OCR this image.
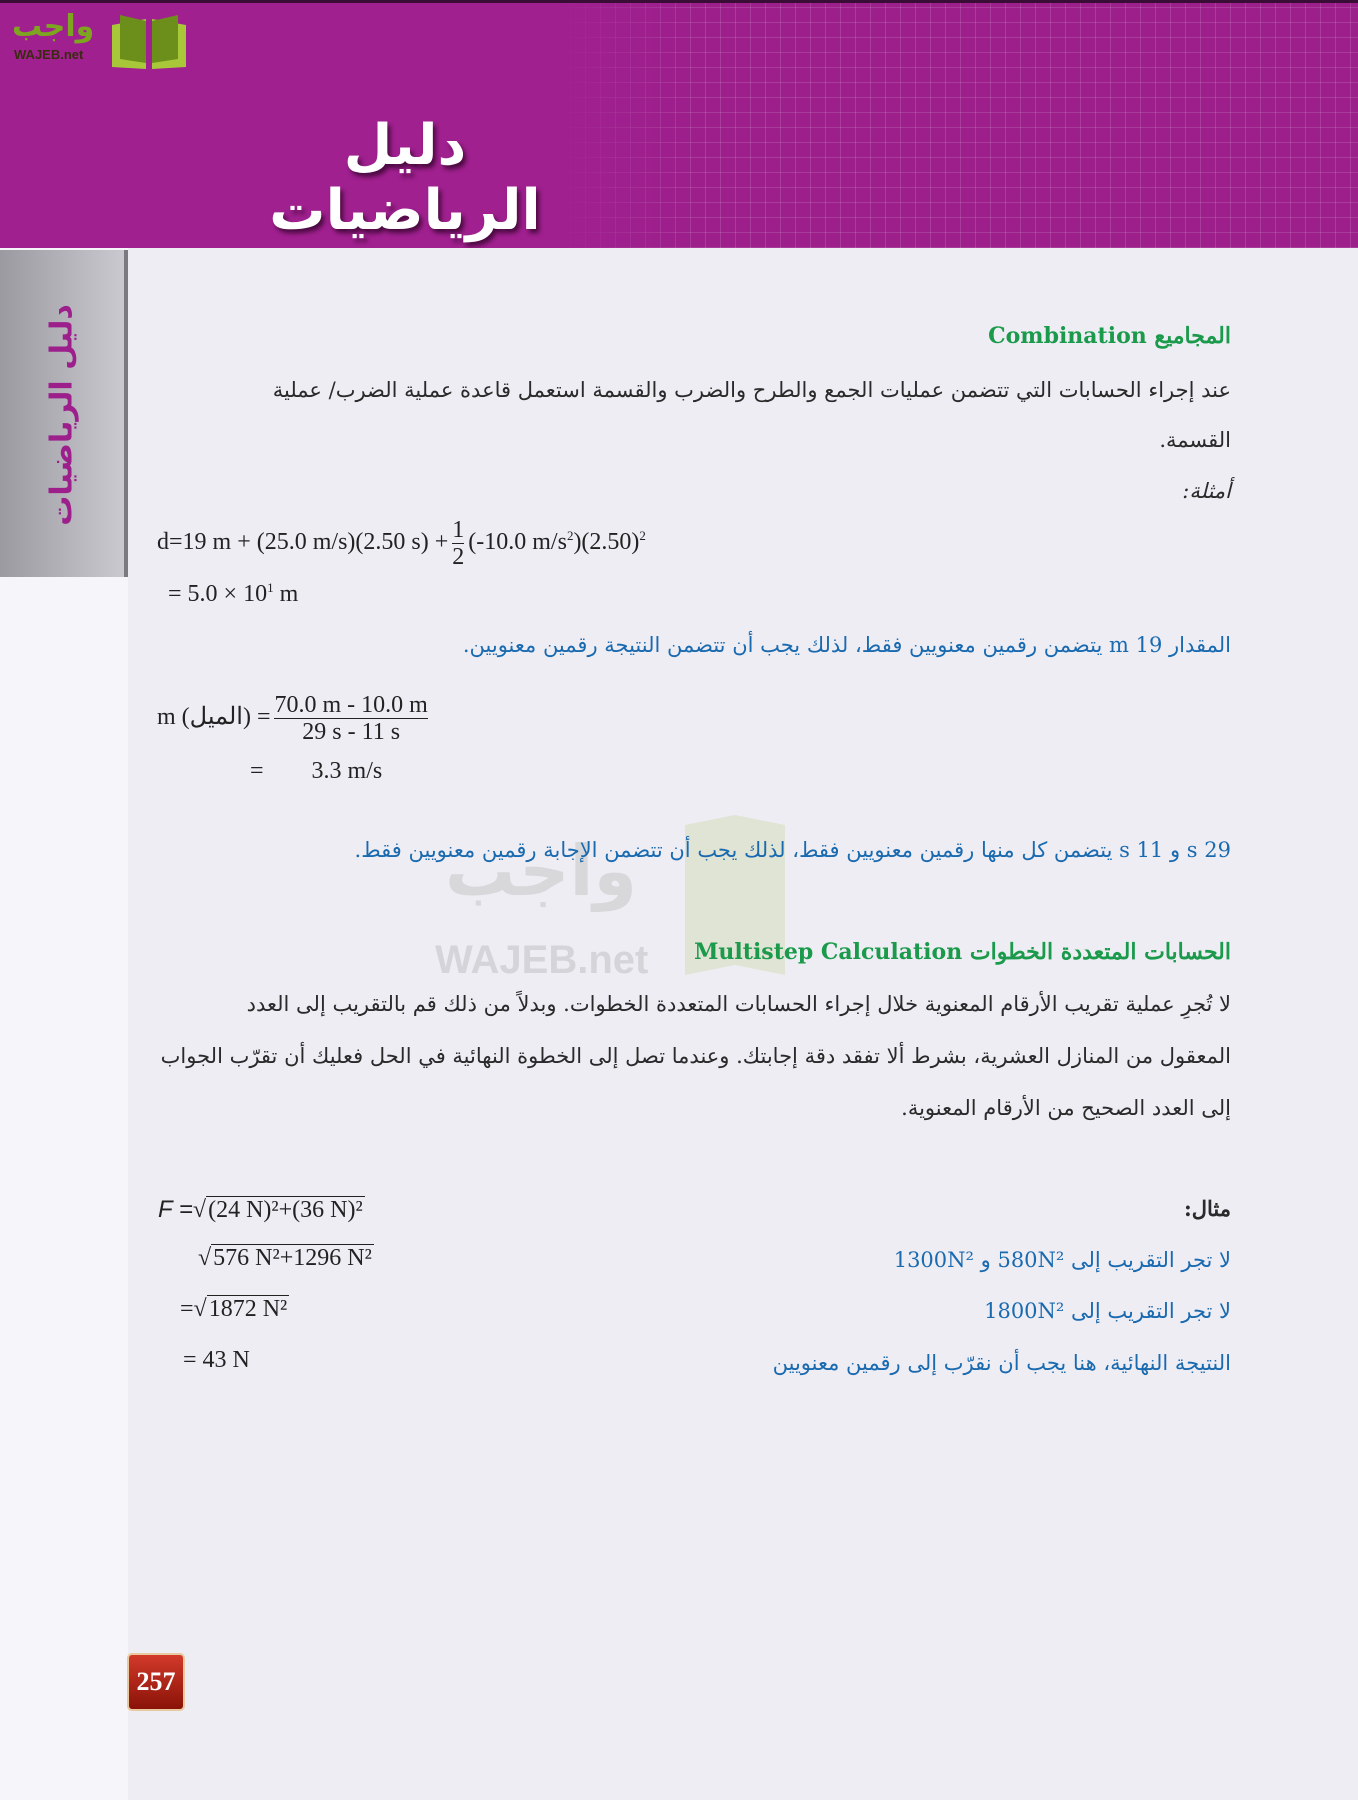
واجب
WAJEB.net
دليل الرياضيات
دليل الرياضيات
واجب
WAJEB.net
المجاميع Combination
عند إجراء الحسابات التي تتضمن عمليات الجمع والطرح والضرب والقسمة استعمل قاعدة عملية الضرب/ عملية
القسمة.
أمثلة:
d=19 m + (25.0 m/s)(2.50 $s) + \frac{1}{2} (-10.0$ $m/s^2)(2.50)^2$
= $5.0 \times 10^1$ m
المقدار 19 m يتضمن رقمين معنويين فقط، لذلك يجب أن تتضمن النتيجة رقمين معنويين.
m (الميل) = $\frac{70.0 m - 10.0 m}{29 s - 11 s}$
=        3.3 m/s
29 s و 11 s يتضمن كل منها رقمين معنويين فقط، لذلك يجب أن تتضمن الإجابة رقمين معنويين فقط.
الحسابات المتعددة الخطوات Multistep Calculation
لا تُجرِ عملية تقريب الأرقام المعنوية خلال إجراء الحسابات المتعددة الخطوات. وبدلاً من ذلك قم بالتقريب إلى العدد
المعقول من المنازل العشرية، بشرط ألا تفقد دقة إجابتك. وعندما تصل إلى الخطوة النهائية في الحل فعليك أن تقرّب الجواب
إلى العدد الصحيح من الأرقام المعنوية.
مثال:
لا تجر التقريب إلى 580N² و 1300N²
لا تجر التقريب إلى 1800N²
النتيجة النهائية، هنا يجب أن نقرّب إلى رقمين معنويين
F =√(24 N)²+(36 N)²
√576 N²+1296 N²
=√1872 N²
= 43 N
257
